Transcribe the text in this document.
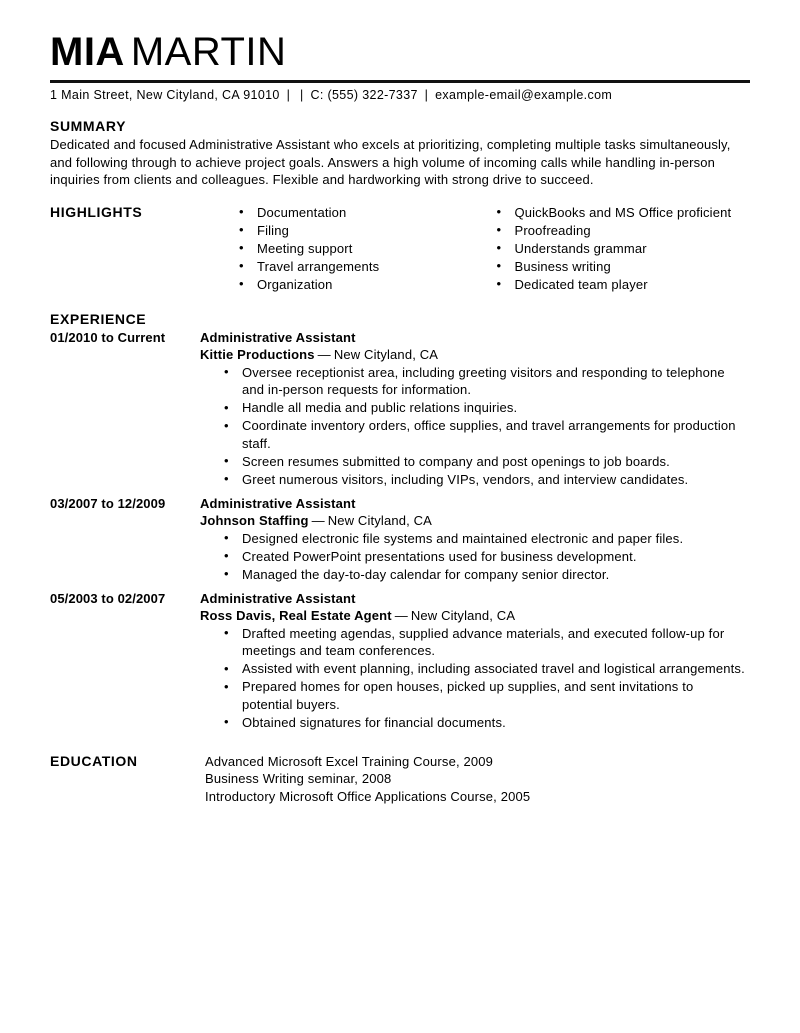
MIA MARTIN
1 Main Street, New Cityland, CA 91010 | | C: (555) 322-7337 | example-email@example.com
SUMMARY
Dedicated and focused Administrative Assistant who excels at prioritizing, completing multiple tasks simultaneously, and following through to achieve project goals. Answers a high volume of incoming calls while handling in-person inquiries from clients and colleagues. Flexible and hardworking with strong drive to succeed.
HIGHLIGHTS	• Documentation
• Filing
• Meeting support
• Travel arrangements
• Organization
• QuickBooks and MS Office proficient
• Proofreading
• Understands grammar
• Business writing
• Dedicated team player
EXPERIENCE
01/2010 to Current	Administrative Assistant
Kittie Productions — New Cityland, CA
• Oversee receptionist area, including greeting visitors and responding to telephone and in-person requests for information.
• Handle all media and public relations inquiries.
• Coordinate inventory orders, office supplies, and travel arrangements for production staff.
• Screen resumes submitted to company and post openings to job boards.
• Greet numerous visitors, including VIPs, vendors, and interview candidates.
03/2007 to 12/2009	Administrative Assistant
Johnson Staffing — New Cityland, CA
• Designed electronic file systems and maintained electronic and paper files.
• Created PowerPoint presentations used for business development.
• Managed the day-to-day calendar for company senior director.
05/2003 to 02/2007	Administrative Assistant
Ross Davis, Real Estate Agent — New Cityland, CA
• Drafted meeting agendas, supplied advance materials, and executed follow-up for meetings and team conferences.
• Assisted with event planning, including associated travel and logistical arrangements.
• Prepared homes for open houses, picked up supplies, and sent invitations to potential buyers.
• Obtained signatures for financial documents.
EDUCATION	Advanced Microsoft Excel Training Course, 2009
Business Writing seminar, 2008
Introductory Microsoft Office Applications Course, 2005
